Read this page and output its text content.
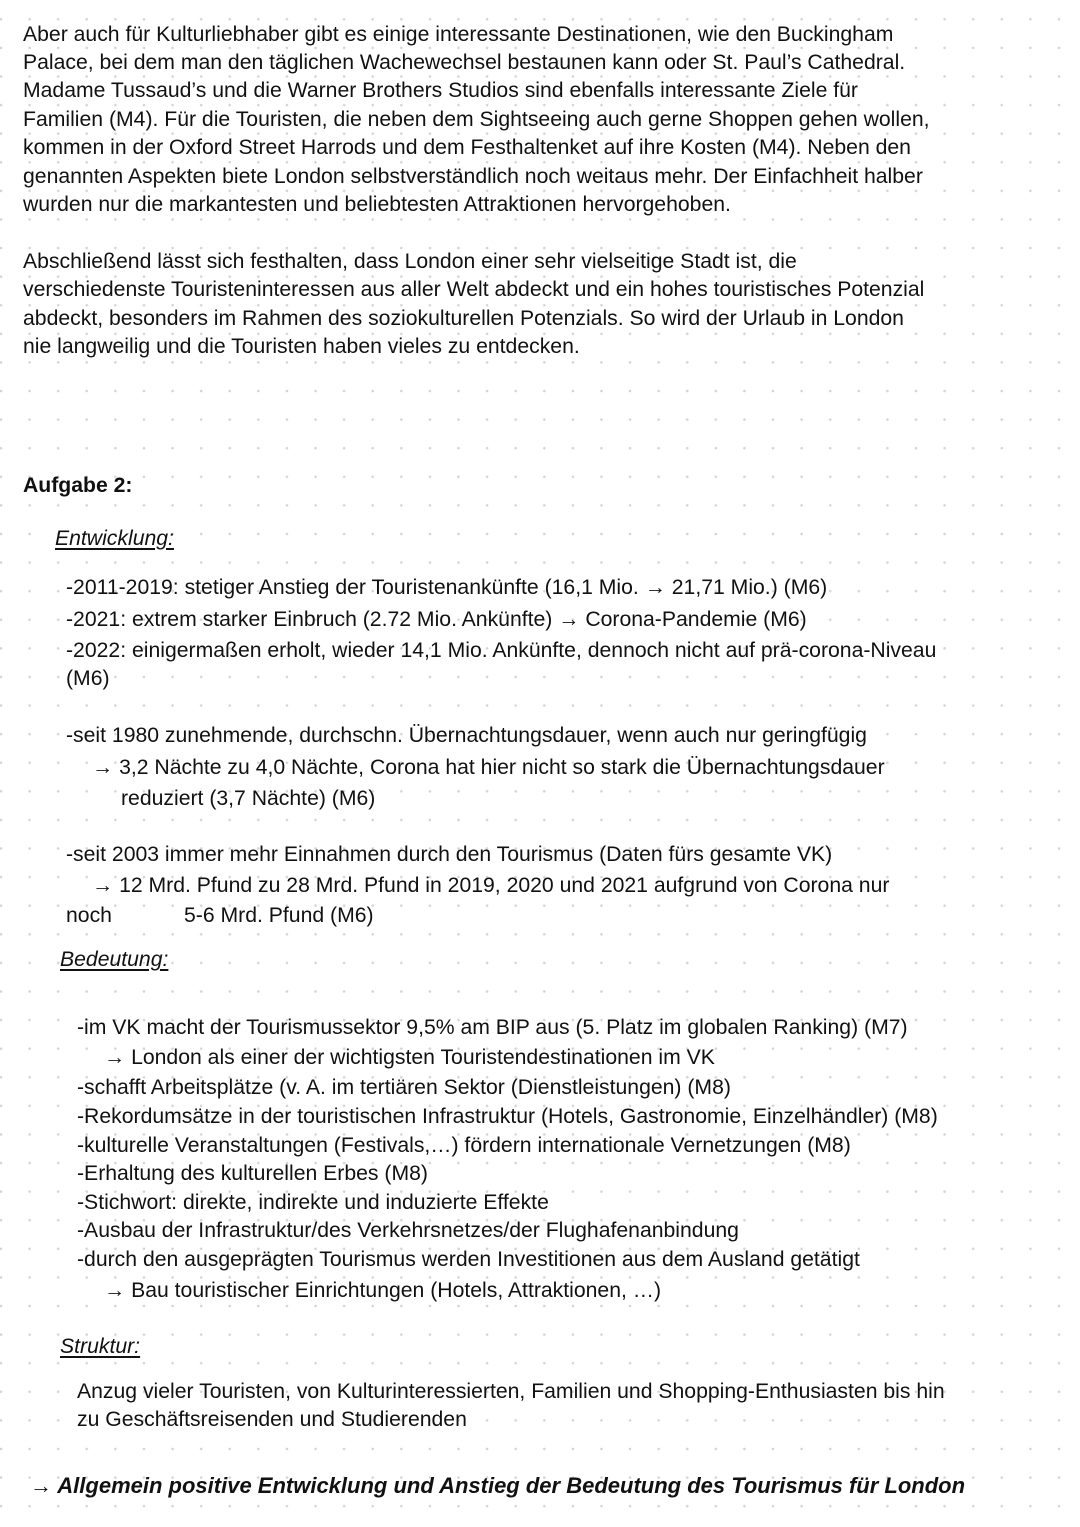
Aber auch für Kulturliebhaber gibt es einige interessante Destinationen, wie den Buckingham
Palace, bei dem man den täglichen Wachewechsel bestaunen kann oder St. Paul’s Cathedral.
Madame Tussaud’s und die Warner Brothers Studios sind ebenfalls interessante Ziele für
Familien (M4). Für die Touristen, die neben dem Sightseeing auch gerne Shoppen gehen wollen,
kommen in der Oxford Street Harrods und dem Festhaltenket auf ihre Kosten (M4). Neben den
genannten Aspekten biete London selbstverständlich noch weitaus mehr. Der Einfachheit halber
wurden nur die markantesten und beliebtesten Attraktionen hervorgehoben.
Abschließend lässt sich festhalten, dass London einer sehr vielseitige Stadt ist, die
verschiedenste Touristeninteressen aus aller Welt abdeckt und ein hohes touristisches Potenzial
abdeckt, besonders im Rahmen des soziokulturellen Potenzials. So wird der Urlaub in London
nie langweilig und die Touristen haben vieles zu entdecken.
Aufgabe 2:
Entwicklung:
-2011-2019: stetiger Anstieg der Touristenankünfte (16,1 Mio. → 21,71 Mio.) (M6)
-2021: extrem starker Einbruch (2.72 Mio. Ankünfte) → Corona-Pandemie (M6)
-2022: einigermaßen erholt, wieder 14,1 Mio. Ankünfte, dennoch nicht auf prä-corona-Niveau
(M6)
-seit 1980 zunehmende, durchschn. Übernachtungsdauer, wenn auch nur geringfügig
→ 3,2 Nächte zu 4,0 Nächte, Corona hat hier nicht so stark die Übernachtungsdauer
reduziert (3,7 Nächte) (M6)
-seit 2003 immer mehr Einnahmen durch den Tourismus (Daten fürs gesamte VK)
→ 12 Mrd. Pfund zu 28 Mrd. Pfund in 2019, 2020 und 2021 aufgrund von Corona nur
noch	5-6 Mrd. Pfund (M6)
Bedeutung:
-im VK macht der Tourismussektor 9,5% am BIP aus (5. Platz im globalen Ranking) (M7)
→ London als einer der wichtigsten Touristendestinationen im VK
-schafft Arbeitsplätze (v. A. im tertiären Sektor (Dienstleistungen) (M8)
-Rekordumsätze in der touristischen Infrastruktur (Hotels, Gastronomie, Einzelhändler) (M8)
-kulturelle Veranstaltungen (Festivals,…) fördern internationale Vernetzungen (M8)
-Erhaltung des kulturellen Erbes (M8)
-Stichwort: direkte, indirekte und induzierte Effekte
-Ausbau der Infrastruktur/des Verkehrsnetzes/der Flughafenanbindung
-durch den ausgeprägten Tourismus werden Investitionen aus dem Ausland getätigt
→ Bau touristischer Einrichtungen (Hotels, Attraktionen, …)
Struktur:
Anzug vieler Touristen, von Kulturinteressierten, Familien und Shopping-Enthusiasten bis hin
zu Geschäftsreisenden und Studierenden
→ Allgemein positive Entwicklung und Anstieg der Bedeutung des Tourismus für London
